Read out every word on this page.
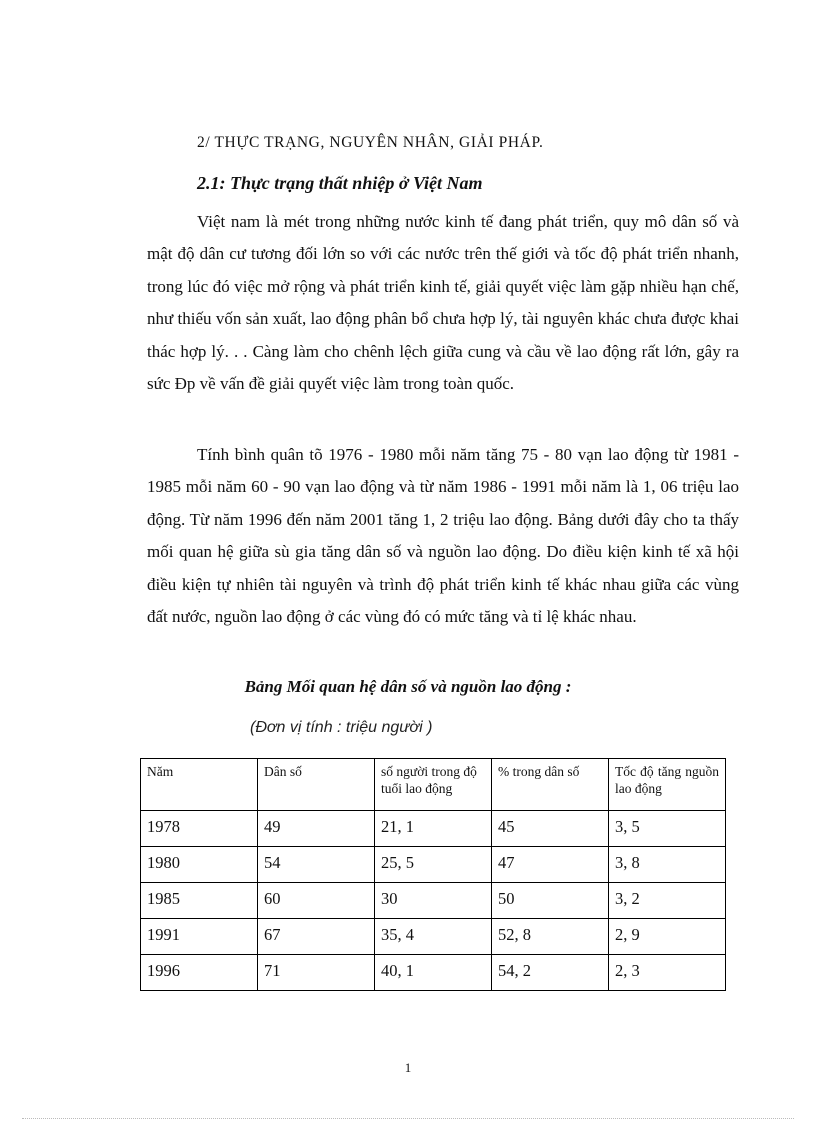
2/ THỰC TRẠNG, NGUYÊN NHÂN, GIẢI PHÁP.
2.1: Thực trạng thất nhiệp ở Việt Nam

Việt nam là mét trong những nước kinh tế đang phát triển, quy mô dân số và mật độ dân cư tương đối lớn so với các nước trên thế giới và tốc độ phát triển nhanh, trong lúc đó việc mở rộng và phát triển kinh tế, giải quyết việc làm gặp nhiều hạn chế, như thiếu vốn sản xuất, lao động phân bổ chưa hợp lý, tài nguyên khác chưa được khai thác hợp lý. . . Càng làm cho chênh lệch giữa cung và cầu về lao động rất lớn, gây ra sức Đp về vấn đề giải quyết việc làm trong toàn quốc.

Tính bình quân tõ 1976 - 1980 mỗi năm tăng 75 - 80 vạn lao động từ 1981 - 1985 mỗi năm 60 - 90 vạn lao động và từ năm 1986 - 1991 mỗi năm là 1, 06 triệu lao động. Từ năm 1996 đến năm 2001 tăng 1, 2 triệu lao động. Bảng dưới đây cho ta thấy mối quan hệ giữa sù gia tăng dân số và nguồn lao động. Do điều kiện kinh tế xã hội điều kiện tự nhiên tài nguyên và trình độ phát triển kinh tế khác nhau giữa các vùng đất nước, nguồn lao động ở các vùng đó có mức tăng và tỉ lệ khác nhau.

Bảng Mối quan hệ dân số và nguồn lao động :
(Đơn vị tính : triệu người )
Năm	Dân số	số người trong độ tuổi lao động	% trong dân số	Tốc độ tăng nguồn lao động
1978	49	21, 1	45	3, 5
1980	54	25, 5	47	3, 8
1985	60	30	50	3, 2
1991	67	35, 4	52, 8	2, 9
1996	71	40, 1	54, 2	2, 3
1
